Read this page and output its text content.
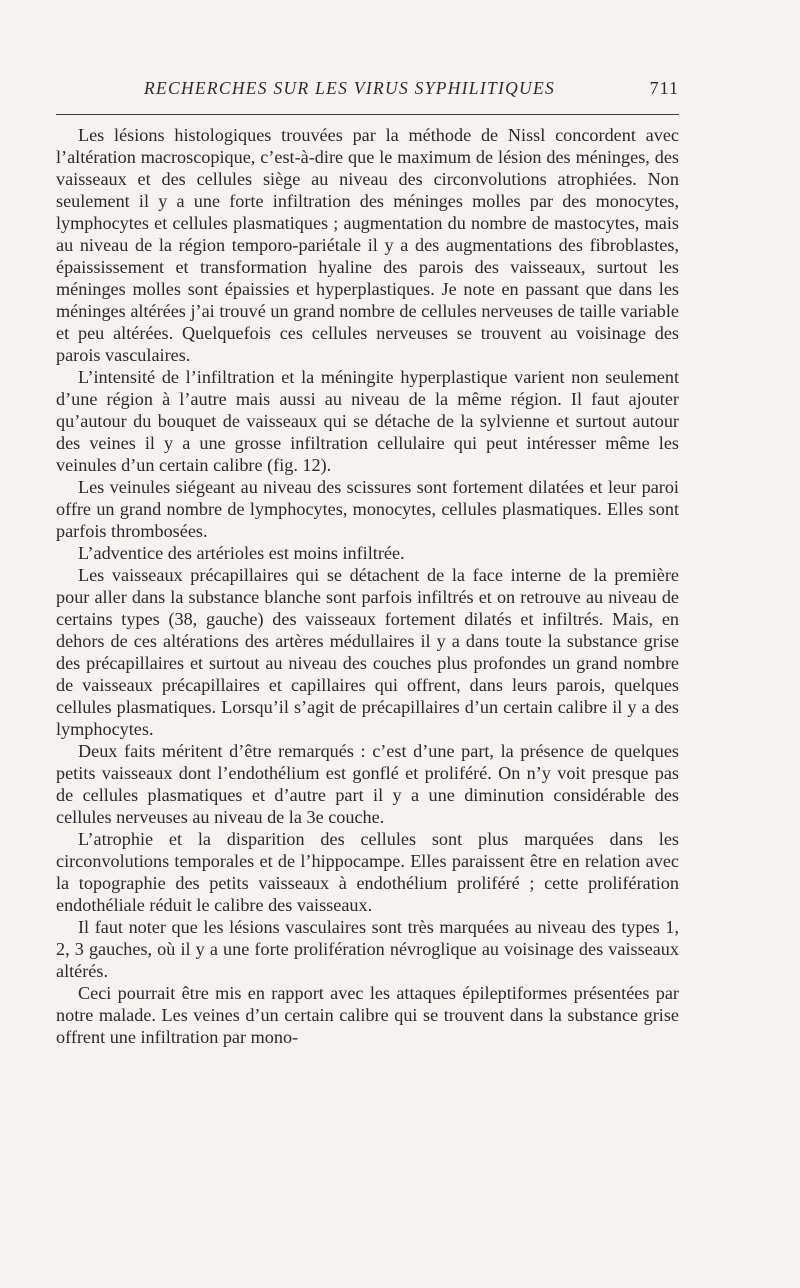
RECHERCHES SUR LES VIRUS SYPHILITIQUES	711

Les lésions histologiques trouvées par la méthode de Nissl concordent avec l’altération macroscopique, c’est-à-dire que le maximum de lésion des méninges, des vaisseaux et des cellules siège au niveau des circonvolutions atrophiées. Non seulement il y a une forte infiltration des méninges molles par des monocytes, lymphocytes et cellules plasmatiques ; augmentation du nombre de mastocytes, mais au niveau de la région temporo-pariétale il y a des augmentations des fibroblastes, épaississement et transformation hyaline des parois des vaisseaux, surtout les méninges molles sont épaissies et hyperplastiques. Je note en passant que dans les méninges altérées j’ai trouvé un grand nombre de cellules nerveuses de taille variable et peu altérées. Quelquefois ces cellules nerveuses se trouvent au voisinage des parois vasculaires.

L’intensité de l’infiltration et la méningite hyperplastique varient non seulement d’une région à l’autre mais aussi au niveau de la même région. Il faut ajouter qu’autour du bouquet de vaisseaux qui se détache de la sylvienne et surtout autour des veines il y a une grosse infiltration cellulaire qui peut intéresser même les veinules d’un certain calibre (fig. 12).

Les veinules siégeant au niveau des scissures sont fortement dilatées et leur paroi offre un grand nombre de lymphocytes, monocytes, cellules plasmatiques. Elles sont parfois thrombosées.

L’adventice des artérioles est moins infiltrée.

Les vaisseaux précapillaires qui se détachent de la face interne de la première pour aller dans la substance blanche sont parfois infiltrés et on retrouve au niveau de certains types (38, gauche) des vaisseaux fortement dilatés et infiltrés. Mais, en dehors de ces altérations des artères médullaires il y a dans toute la substance grise des précapillaires et surtout au niveau des couches plus profondes un grand nombre de vaisseaux précapillaires et capillaires qui offrent, dans leurs parois, quelques cellules plasmatiques. Lorsqu’il s’agit de précapillaires d’un certain calibre il y a des lymphocytes.

Deux faits méritent d’être remarqués : c’est d’une part, la présence de quelques petits vaisseaux dont l’endothélium est gonflé et proliféré. On n’y voit presque pas de cellules plasmatiques et d’autre part il y a une diminution considérable des cellules nerveuses au niveau de la 3e couche.

L’atrophie et la disparition des cellules sont plus marquées dans les circonvolutions temporales et de l’hippocampe. Elles paraissent être en relation avec la topographie des petits vaisseaux à endothélium proliféré ; cette prolifération endothéliale réduit le calibre des vaisseaux.

Il faut noter que les lésions vasculaires sont très marquées au niveau des types 1, 2, 3 gauches, où il y a une forte prolifération névroglique au voisinage des vaisseaux altérés.

Ceci pourrait être mis en rapport avec les attaques épileptiformes présentées par notre malade. Les veines d’un certain calibre qui se trouvent dans la substance grise offrent une infiltration par mono-
